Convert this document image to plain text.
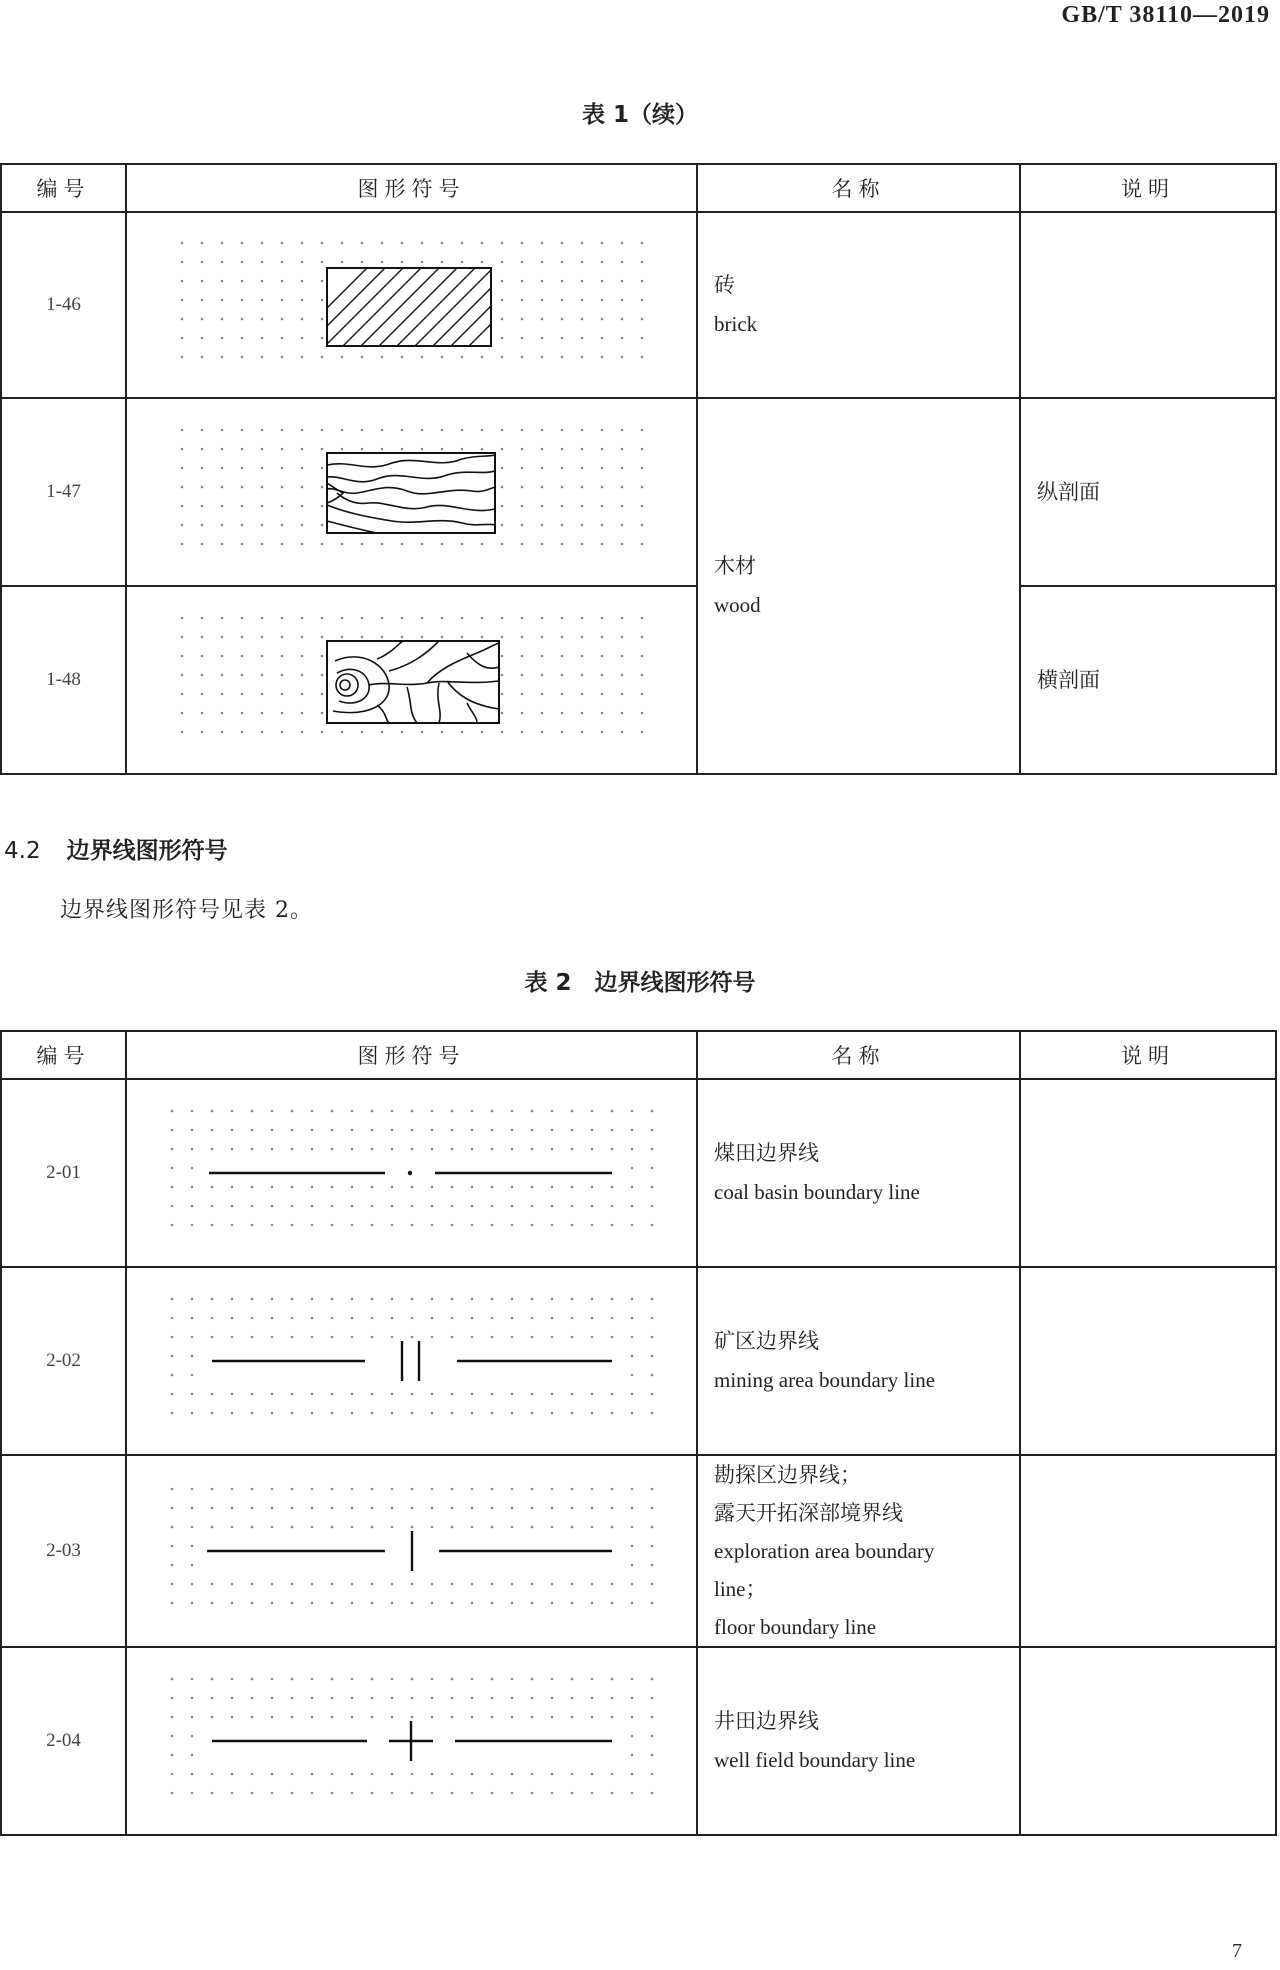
GB/T 38110—2019
表 1（续）
编号	图形符号	名称	说明
1-46		砖
brick	

1-47		木材
wood	纵剖面
1-48			横剖面
4.2 边界线图形符号
边界线图形符号见表 2。
表 2　边界线图形符号
编号	图形符号	名称	说明
2-01		煤田边界线
coal basin boundary line	

2-02		矿区边界线
mining area boundary line	

2-03		勘探区边界线；
露天开拓深部境界线
exploration area boundary
line；
floor boundary line	

2-04		井田边界线
well field boundary line	

7
